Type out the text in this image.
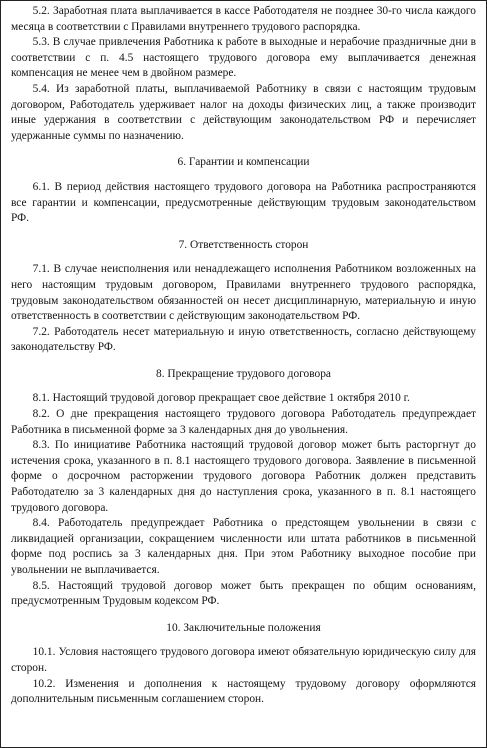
5.2. Заработная плата выплачивается в кассе Работодателя не позднее 30-го числа каждого месяца в соответствии с Правилами внутреннего трудового распорядка.

5.3. В случае привлечения Работника к работе в выходные и нерабочие праздничные дни в соответствии с п. 4.5 настоящего трудового договора ему выплачивается денежная компенсация не менее чем в двойном размере.

5.4. Из заработной платы, выплачиваемой Работнику в связи с настоящим трудовым договором, Работодатель удерживает налог на доходы физических лиц, а также производит иные удержания в соответствии с действующим законодательством РФ и перечисляет удержанные суммы по назначению.

6. Гарантии и компенсации

6.1. В период действия настоящего трудового договора на Работника распространяются все гарантии и компенсации, предусмотренные действующим трудовым законодательством РФ.

7. Ответственность сторон

7.1. В случае неисполнения или ненадлежащего исполнения Работником возложенных на него настоящим трудовым договором, Правилами внутреннего трудового распорядка, трудовым законодательством обязанностей он несет дисциплинарную, материальную и иную ответственность в соответствии с действующим законодательством РФ.

7.2. Работодатель несет материальную и иную ответственность, согласно действующему законодательству РФ.

8. Прекращение трудового договора

8.1. Настоящий трудовой договор прекращает свое действие 1 октября 2010 г.

8.2. О дне прекращения настоящего трудового договора Работодатель предупреждает Работника в письменной форме за 3 календарных дня до увольнения.

8.3. По инициативе Работника настоящий трудовой договор может быть расторгнут до истечения срока, указанного в п. 8.1 настоящего трудового договора. Заявление в письменной форме о досрочном расторжении трудового договора Работник должен представить Работодателю за 3 календарных дня до наступления срока, указанного в п. 8.1 настоящего трудового договора.

8.4. Работодатель предупреждает Работника о предстоящем увольнении в связи с ликвидацией организации, сокращением численности или штата работников в письменной форме под роспись за 3 календарных дня. При этом Работнику выходное пособие при увольнении не выплачивается.

8.5. Настоящий трудовой договор может быть прекращен по общим основаниям, предусмотренным Трудовым кодексом РФ.

10. Заключительные положения

10.1. Условия настоящего трудового договора имеют обязательную юридическую силу для сторон.

10.2. Изменения и дополнения к настоящему трудовому договору оформляются дополнительным письменным соглашением сторон.
